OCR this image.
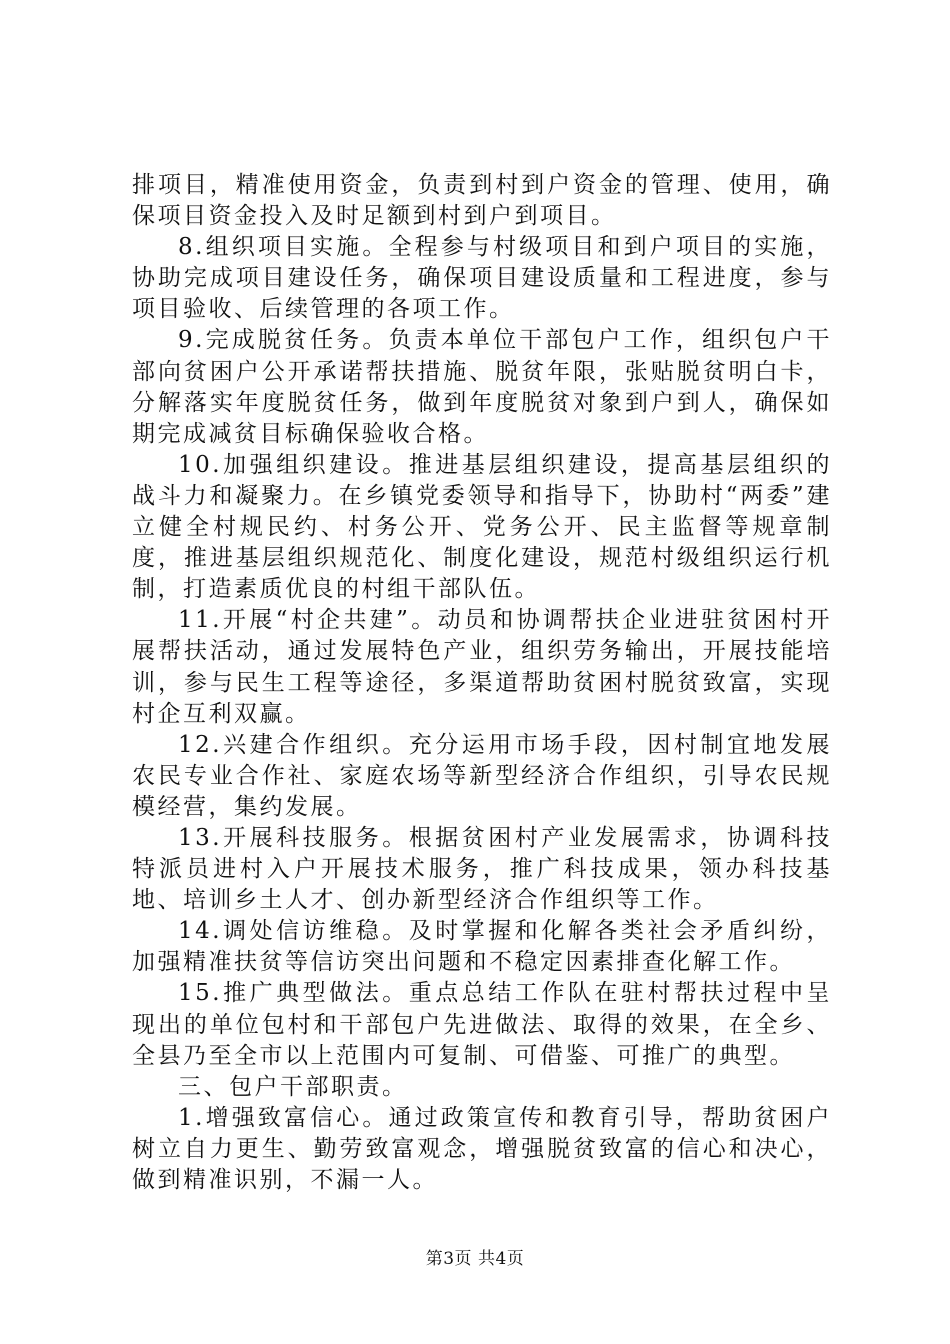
排项目，精准使用资金，负责到村到户资金的管理、使用，确保项目资金投入及时足额到村到户到项目。

8.组织项目实施。全程参与村级项目和到户项目的实施，协助完成项目建设任务，确保项目建设质量和工程进度，参与项目验收、后续管理的各项工作。

9.完成脱贫任务。负责本单位干部包户工作，组织包户干部向贫困户公开承诺帮扶措施、脱贫年限，张贴脱贫明白卡，分解落实年度脱贫任务，做到年度脱贫对象到户到人，确保如期完成减贫目标确保验收合格。

10.加强组织建设。推进基层组织建设，提高基层组织的战斗力和凝聚力。在乡镇党委领导和指导下，协助村“两委”建立健全村规民约、村务公开、党务公开、民主监督等规章制度，推进基层组织规范化、制度化建设，规范村级组织运行机制，打造素质优良的村组干部队伍。

11.开展“村企共建”。动员和协调帮扶企业进驻贫困村开展帮扶活动，通过发展特色产业，组织劳务输出，开展技能培训，参与民生工程等途径，多渠道帮助贫困村脱贫致富，实现村企互利双赢。

12.兴建合作组织。充分运用市场手段，因村制宜地发展农民专业合作社、家庭农场等新型经济合作组织，引导农民规模经营，集约发展。

13.开展科技服务。根据贫困村产业发展需求，协调科技特派员进村入户开展技术服务，推广科技成果，领办科技基地、培训乡土人才、创办新型经济合作组织等工作。

14.调处信访维稳。及时掌握和化解各类社会矛盾纠纷，加强精准扶贫等信访突出问题和不稳定因素排查化解工作。

15.推广典型做法。重点总结工作队在驻村帮扶过程中呈现出的单位包村和干部包户先进做法、取得的效果，在全乡、全县乃至全市以上范围内可复制、可借鉴、可推广的典型。

三、包户干部职责。

1.增强致富信心。通过政策宣传和教育引导，帮助贫困户树立自力更生、勤劳致富观念，增强脱贫致富的信心和决心，做到精准识别，不漏一人。

第3页 共4页
